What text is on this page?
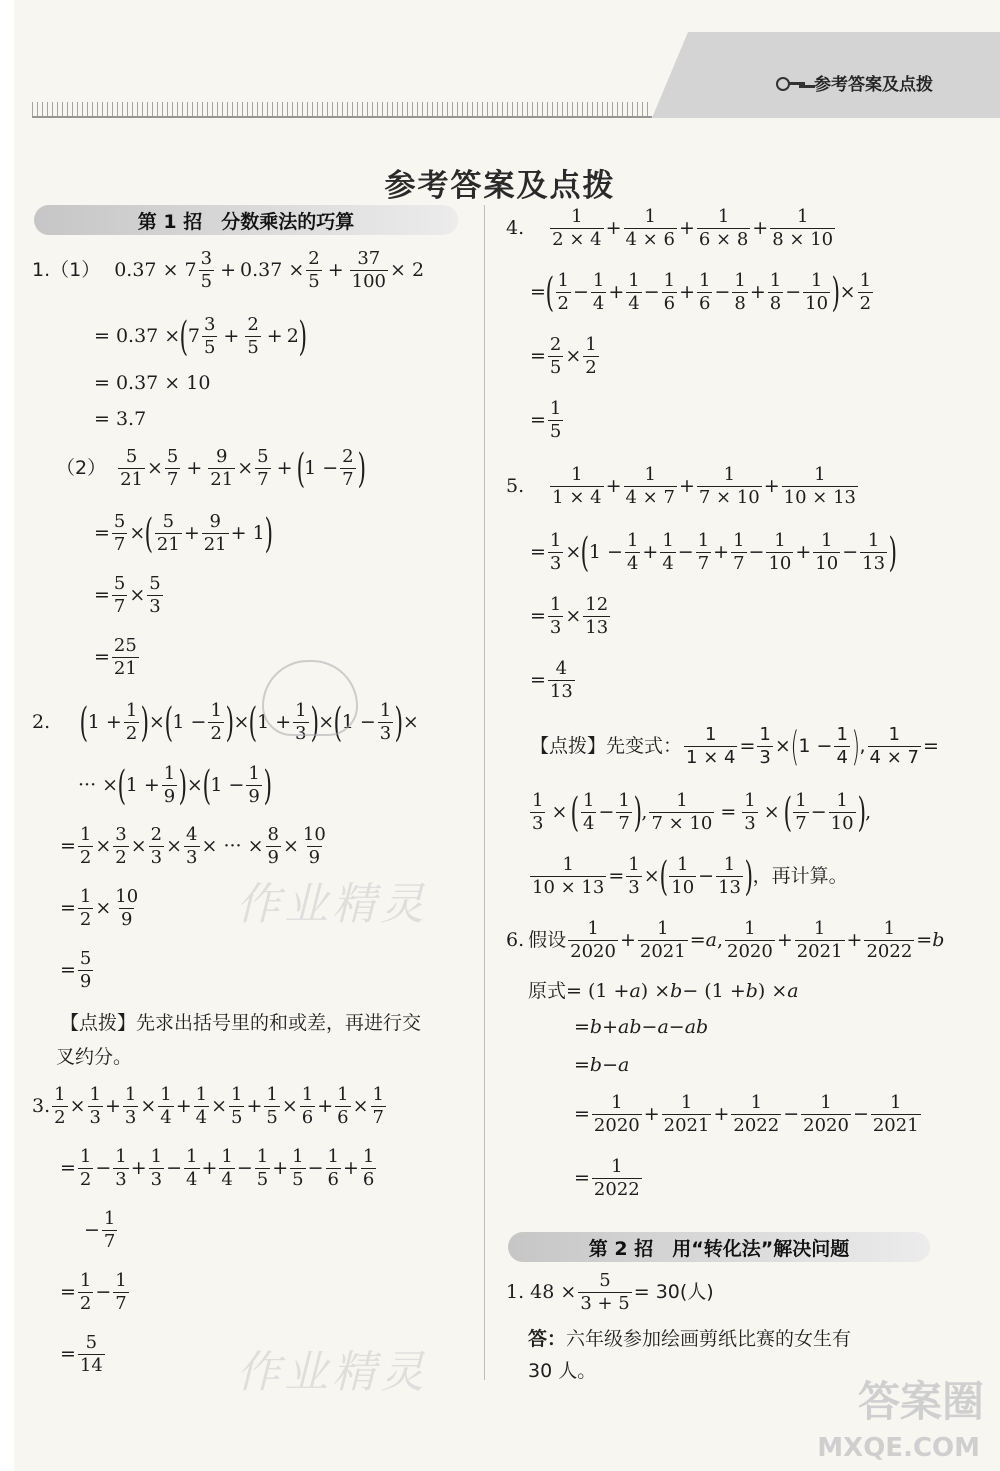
参考答案及点拨
参考答案及点拨
第 1 招　分数乘法的巧算
第 2 招　用“转化法”解决问题
1.（1） 0.37 × 7
3
5
+ $0.37 \times \frac{2}{5} + \frac{37}{100} \times 2$
= 0.37 × ( 7
3
5
+ $\frac{2}{5} + 2$ )
= 0.37 × 10
= 3.7
（2）
5
21
×
5
7
+ $\frac{9}{21}$ ×
5
7
+ ( 1 −
2
7 )
=
5
7
× ( 5
21
+
9
21
+ 1 )
=
5
7
×
5
3
=
25
21
2. ( 1 +
1
2 ) × ( 1 −
1
2 ) × ( 1 +
1
3 ) × ( 1 −
1
3 ) ×
··· × ( 1 +
1
9 ) × ( 1 −
1
9 )
=
1
2
×
3
2
×
2
3
×
4
3
× ··· ×
8
9
×
10
9
=
1
2
×
10
9
=
5
9
【点拨】 先求出括号里的和或差，再进行交
叉约分。
3.
1
2
×
1
3
+
1
3
×
1
4
+
1
4
×
1
5
+
1
5
×
1
6
+
1
6
×
1
7
=
1
2
−
1
3
+
1
3
−
1
4
+
1
4
−
1
5
+
1
5
−
1
6
+
1
6
−
1
7
=
1
2
−
1
7
=
5
14
4.
1
2 × 4
+
1
4 × 6
+
1
6 × 8
+
1
8 × 10
= ( 1
2
−
1
4
+
1
4
−
1
6
+
1
6
−
1
8
+
1
8
−
1
10 ) ×
1
2
=
2
5
×
1
2
=
1
5
5.
1
1 × 4
+
1
4 × 7
+
1
7 × 10
+
1
10 × 13
=
1
3
× ( 1 −
1
4
+
1
4
−
1
7
+
1
7
−
1
10
+
1
10
−
1
13 )
=
1
3
×
12
13
=
4
13
【点拨】 先变式：
1
1 × 4
=
1
3
× ( 1 −
1
4 ) ,
1
4 × 7
=
$\frac{1}{3}$ × ( 1
4
−
1
7 ) , $\frac{1}{7 \times 10} = \frac{1}{3}$ × ( 1
7
−
1
10 ) ,
1
10 × 13
=
1
3
× ( 1
10
−
1
13 ) ，再计算。
6. 假设
1
2020
+
1
2021
= a ,
1
2020
+
1
2021
+
1
2022
= b
原式 = (1 + a ) × b − (1 + b ) × a
= b + ab − a − ab
= b − a
=
1
2020
+
1
2021
+
1
2022
−
1
2020
−
1
2021
=
1
2022
1. $48 \times \frac{5}{3 + 5} = 30$(人)
答： 六年级参加绘画剪纸比赛的女生有
30 人。
作业精灵
作业精灵
答案圈
MXQE.COM
